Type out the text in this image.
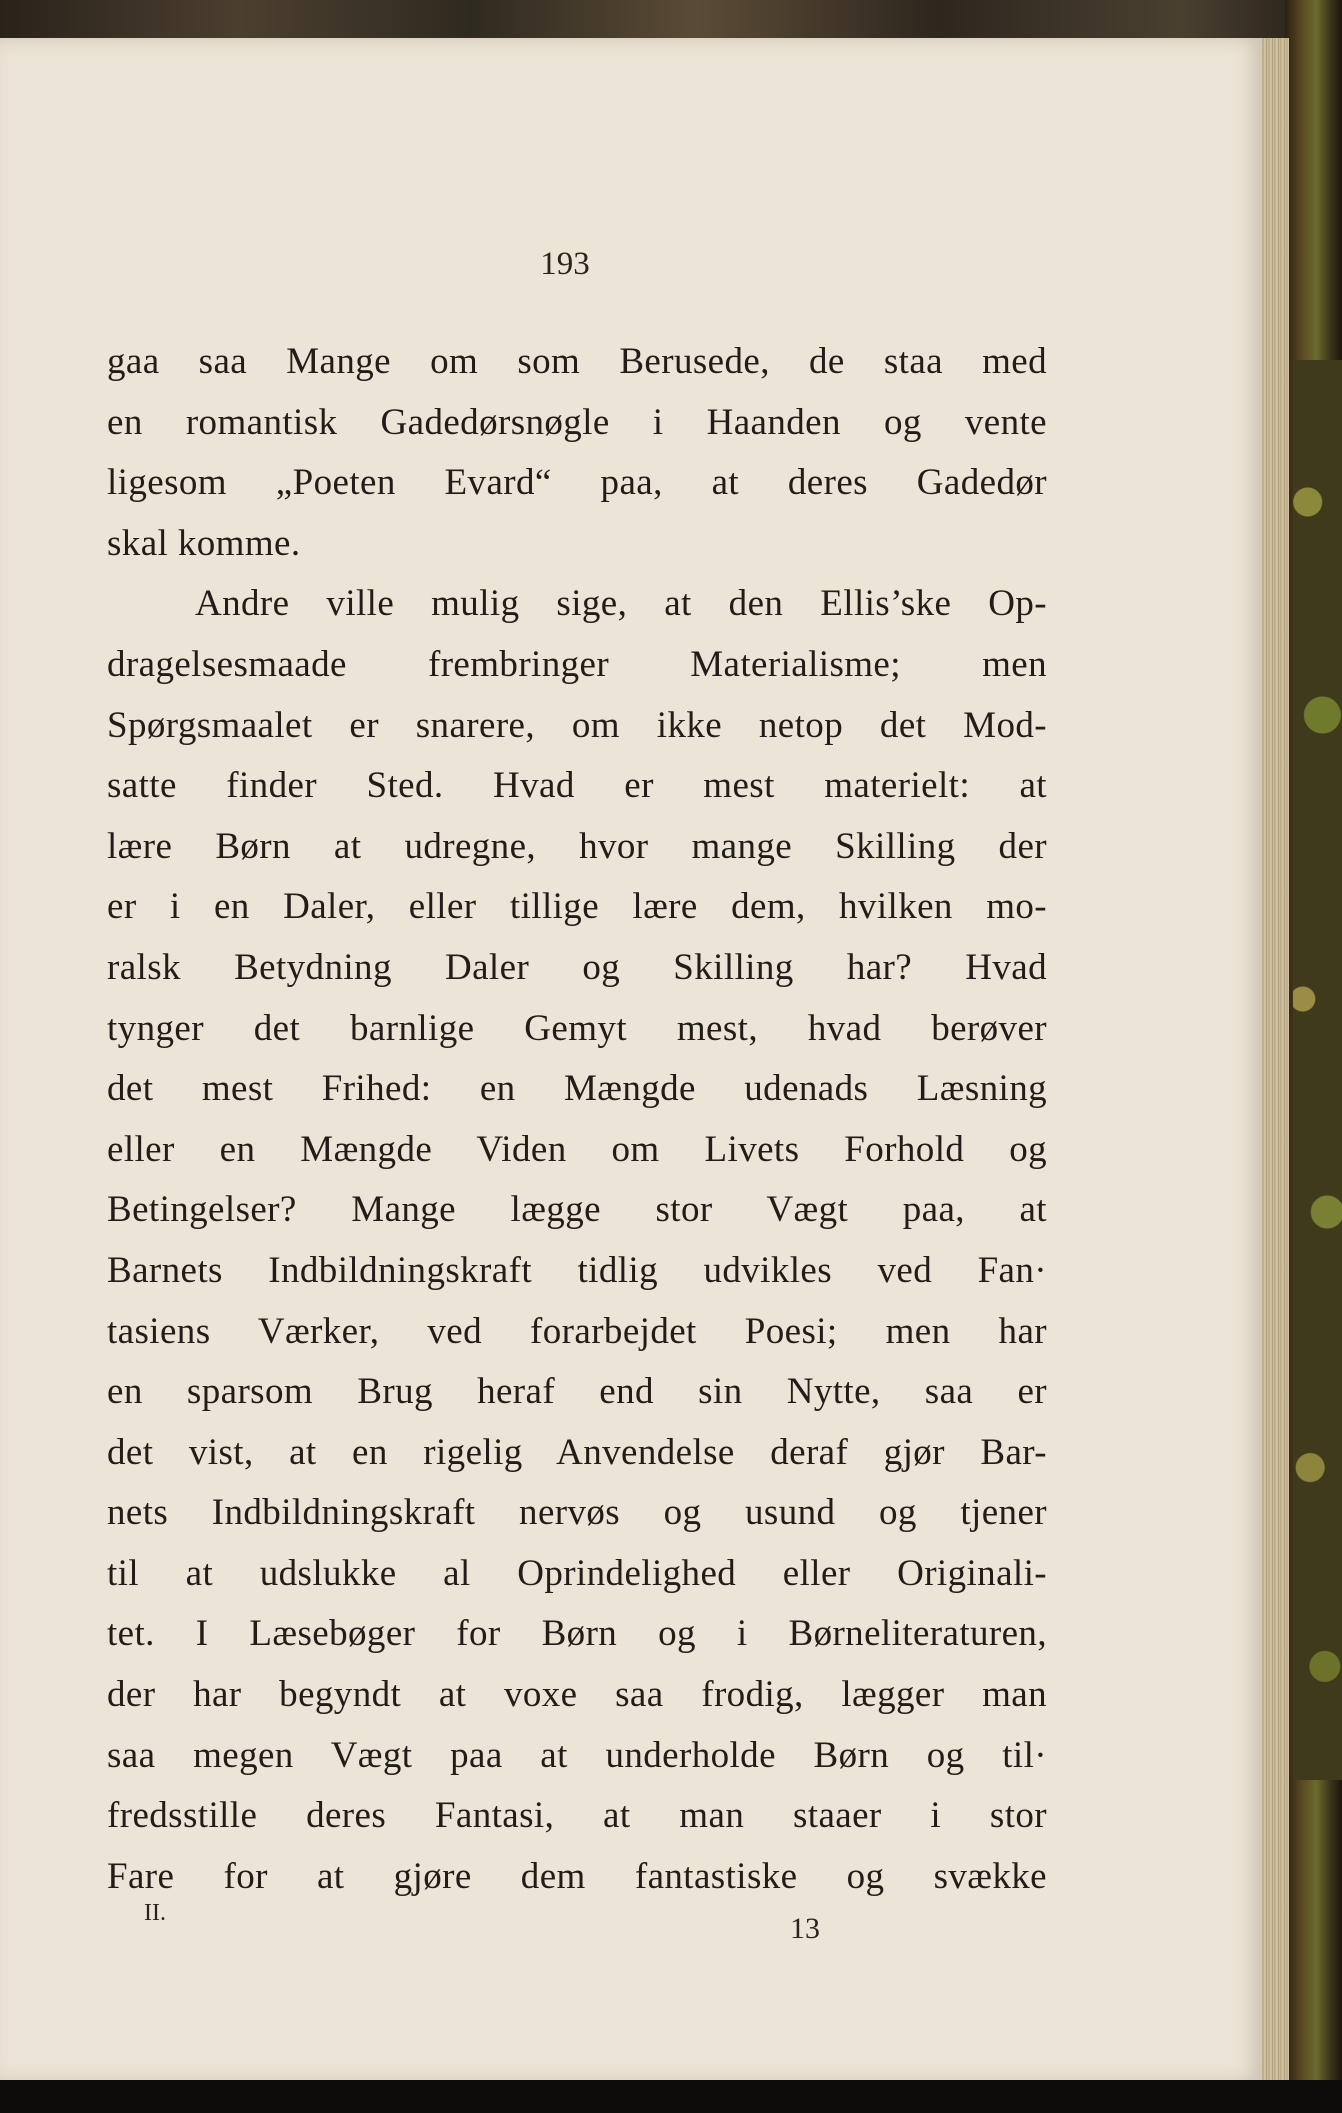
193

gaa saa Mange om som Berusede, de staa med
en romantisk Gadedørsnøgle i Haanden og vente
ligesom „Poeten Evard“ paa, at deres Gadedør
skal komme.
Andre ville mulig sige, at den Ellis’ske Op-
dragelsesmaade frembringer Materialisme; men
Spørgsmaalet er snarere, om ikke netop det Mod-
satte finder Sted. Hvad er mest materielt: at
lære Børn at udregne, hvor mange Skilling der
er i en Daler, eller tillige lære dem, hvilken mo-
ralsk Betydning Daler og Skilling har? Hvad
tynger det barnlige Gemyt mest, hvad berøver
det mest Frihed: en Mængde udenads Læsning
eller en Mængde Viden om Livets Forhold og
Betingelser? Mange lægge stor Vægt paa, at
Barnets Indbildningskraft tidlig udvikles ved Fan·
tasiens Værker, ved forarbejdet Poesi; men har
en sparsom Brug heraf end sin Nytte, saa er
det vist, at en rigelig Anvendelse deraf gjør Bar-
nets Indbildningskraft nervøs og usund og tjener
til at udslukke al Oprindelighed eller Originali-
tet. I Læsebøger for Børn og i Børneliteraturen,
der har begyndt at voxe saa frodig, lægger man
saa megen Vægt paa at underholde Børn og til·
fredsstille deres Fantasi, at man staaer i stor
Fare for at gjøre dem fantastiske og svække

II.	13
